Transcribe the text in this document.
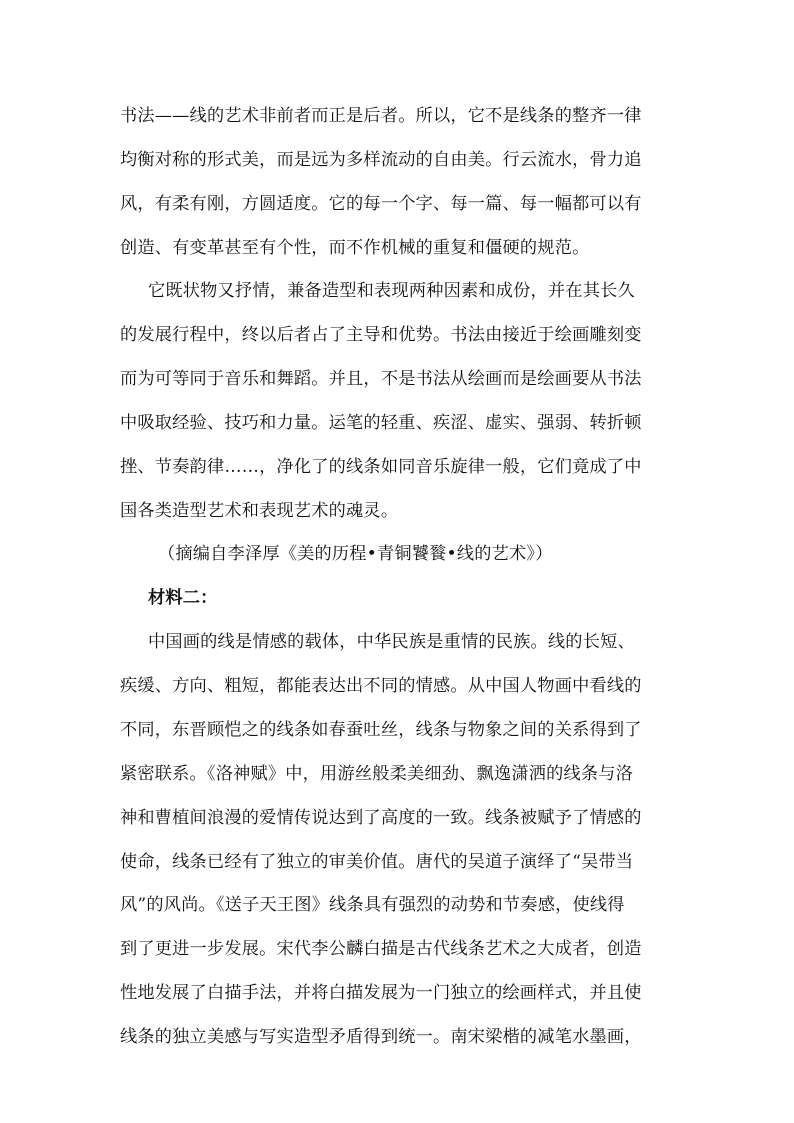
书法——线的艺术非前者而正是后者。所以，它不是线条的整齐一律
均衡对称的形式美，而是远为多样流动的自由美。行云流水，骨力追
风，有柔有刚，方圆适度。它的每一个字、每一篇、每一幅都可以有
创造、有变革甚至有个性，而不作机械的重复和僵硬的规范。
它既状物又抒情，兼备造型和表现两种因素和成份，并在其长久
的发展行程中，终以后者占了主导和优势。书法由接近于绘画雕刻变
而为可等同于音乐和舞蹈。并且，不是书法从绘画而是绘画要从书法
中吸取经验、技巧和力量。运笔的轻重、疾涩、虚实、强弱、转折顿
挫、节奏韵律……，净化了的线条如同音乐旋律一般，它们竟成了中
国各类造型艺术和表现艺术的魂灵。
（摘编自李泽厚《美的历程•青铜饕餮•线的艺术》）
材料二：
中国画的线是情感的载体，中华民族是重情的民族。线的长短、
疾缓、方向、粗短，都能表达出不同的情感。从中国人物画中看线的
不同，东晋顾恺之的线条如春蚕吐丝，线条与物象之间的关系得到了
紧密联系。《洛神赋》中，用游丝般柔美细劲、飘逸潇洒的线条与洛
神和曹植间浪漫的爱情传说达到了高度的一致。线条被赋予了情感的
使命，线条已经有了独立的审美价值。唐代的吴道子演绎了“吴带当
风”的风尚。《送子天王图》线条具有强烈的动势和节奏感，使线得
到了更进一步发展。宋代李公麟白描是古代线条艺术之大成者，创造
性地发展了白描手法，并将白描发展为一门独立的绘画样式，并且使
线条的独立美感与写实造型矛盾得到统一。南宋梁楷的减笔水墨画，
